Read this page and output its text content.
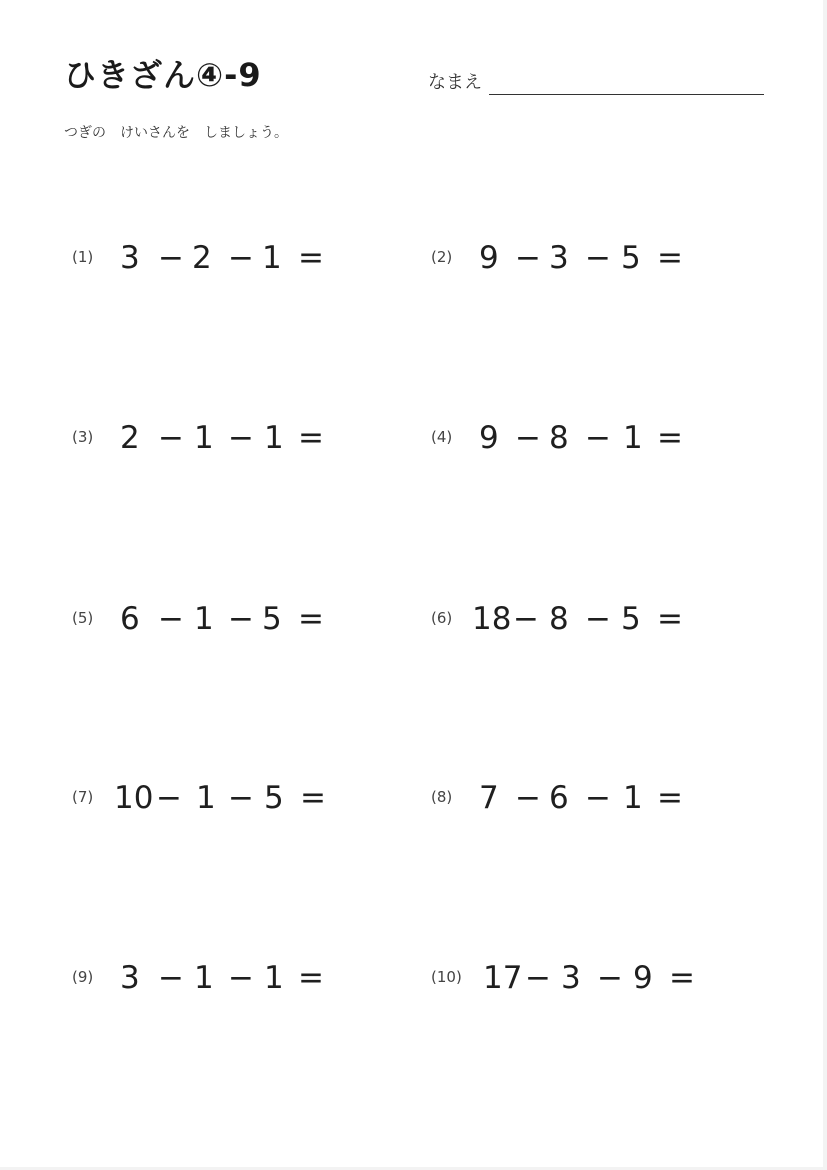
ひきざん④-9	なまえ
つぎの　けいさんを　しましょう。
(1) 3 − 2 − 1 =	(2) 9 − 3 − 5 =
(3) 2 − 1 − 1 =	(4) 9 − 8 − 1 =
(5) 6 − 1 − 5 =	(6) 18 − 8 − 5 =
(7) 10 − 1 − 5 =	(8) 7 − 6 − 1 =
(9) 3 − 1 − 1 =	(10) 17 − 3 − 9 =
